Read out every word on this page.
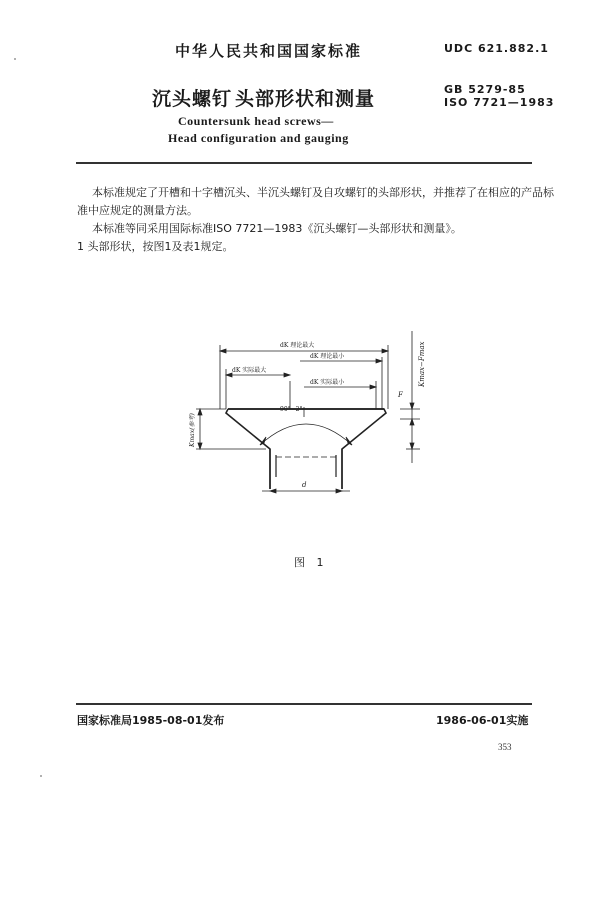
中华人民共和国国家标准	UDC 621.882.1
沉头螺钉 头部形状和测量	GB 5279-85
ISO 7721—1983
Countersunk head screws—
Head configuration and gauging
本标准规定了开槽和十字槽沉头、半沉头螺钉及自攻螺钉的头部形状，并推荐了在相应的产品标
准中应规定的测量方法。
本标准等同采用国际标准ISO 7721—1983《沉头螺钉—头部形状和测量》。
1 头部形状，按图1及表1规定。
dK 理论最大
dK 理论最小
dK 实际最大
dK 实际最小
F
90°−2°
d
Kmax−Fmax
Kmax(参考)
图 1
国家标准局1985-08-01发布	1986-06-01实施
353
